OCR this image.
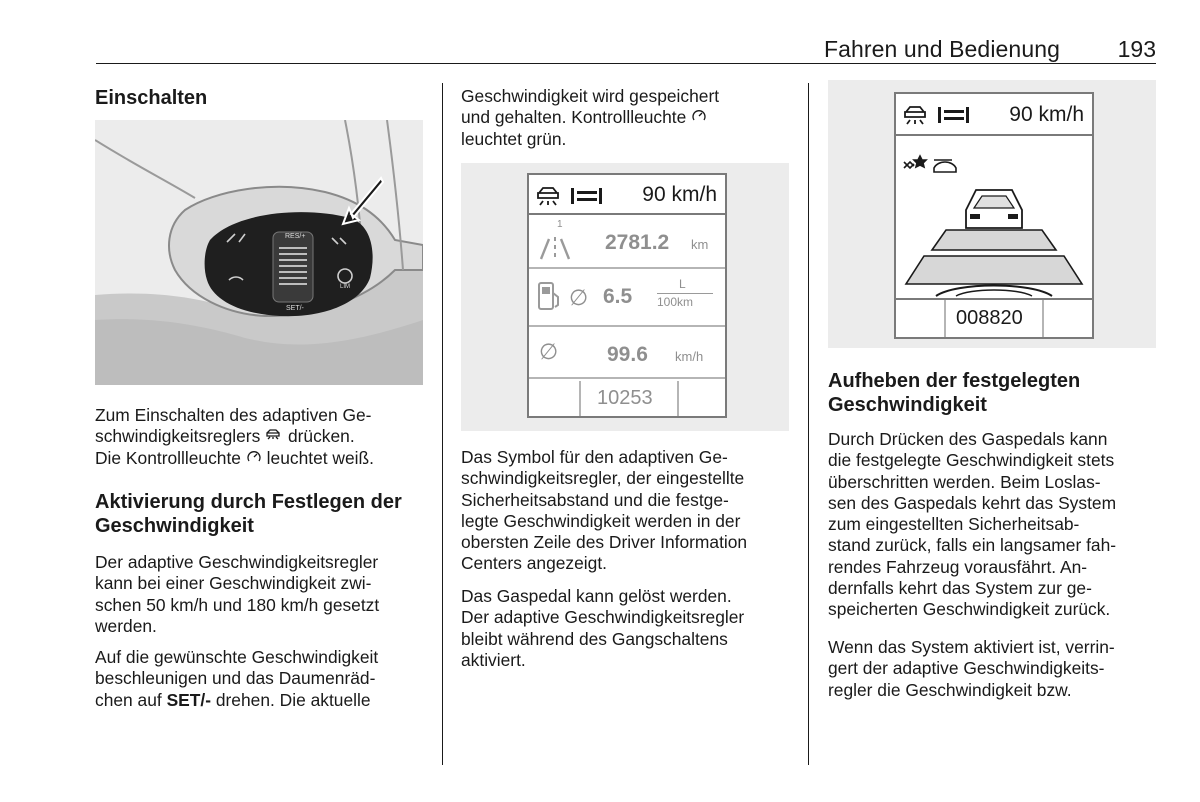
Fahren und Bedienung	193
Einschalten
RES/+
SET/-
LIM
Zum Einschalten des adaptiven Ge-
schwindigkeitsreglers drücken.
Die Kontrollleuchte leuchtet weiß.
Aktivierung durch Festlegen der
Geschwindigkeit
Der adaptive Geschwindigkeitsregler
kann bei einer Geschwindigkeit zwi-
schen 50 km/h und 180 km/h gesetzt
werden.
Auf die gewünschte Geschwindigkeit
beschleunigen und das Daumenräd-
chen auf SET/- drehen. Die aktuelle
Geschwindigkeit wird gespeichert
und gehalten. Kontrollleuchte
leuchtet grün.
90 km/h
1
2781.2 km
∅ 6.5
L
100km
∅ 99.6 km/h
10253
Das Symbol für den adaptiven Ge-
schwindigkeitsregler, der eingestellte
Sicherheitsabstand und die festge-
legte Geschwindigkeit werden in der
obersten Zeile des Driver Information
Centers angezeigt.
Das Gaspedal kann gelöst werden.
Der adaptive Geschwindigkeitsregler
bleibt während des Gangschaltens
aktiviert.
90 km/h
008820
Aufheben der festgelegten
Geschwindigkeit
Durch Drücken des Gaspedals kann
die festgelegte Geschwindigkeit stets
überschritten werden. Beim Loslas-
sen des Gaspedals kehrt das System
zum eingestellten Sicherheitsab-
stand zurück, falls ein langsamer fah-
rendes Fahrzeug vorausfährt. An-
dernfalls kehrt das System zur ge-
speicherten Geschwindigkeit zurück.
Wenn das System aktiviert ist, verrin-
gert der adaptive Geschwindigkeits-
regler die Geschwindigkeit bzw.
